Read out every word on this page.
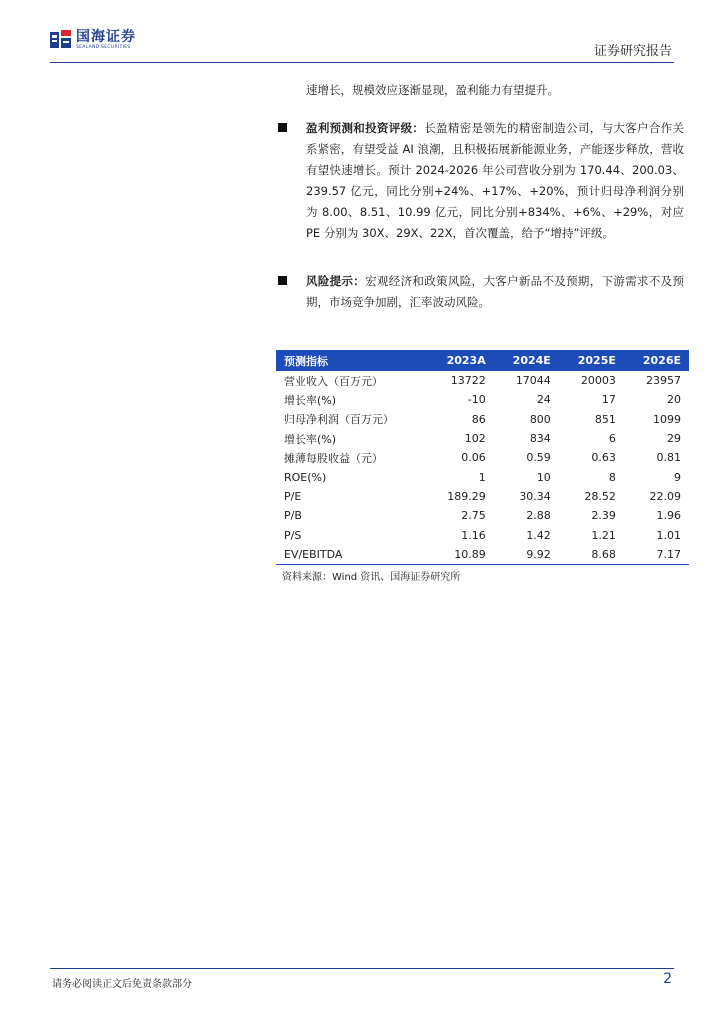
国海证券
SEALAND SECURITIES	证券研究报告
速增长，规模效应逐渐显现，盈利能力有望提升。
盈利预测和投资评级：长盈精密是领先的精密制造公司，与大客户合作关系紧密，有望受益 AI 浪潮，且积极拓展新能源业务，产能逐步释放，营收有望快速增长。预计 2024-2026 年公司营收分别为 170.44、200.03、239.57 亿元，同比分别+24%、+17%、+20%，预计归母净利润分别为 8.00、8.51、10.99 亿元，同比分别+834%、+6%、+29%，对应 PE 分别为 30X、29X、22X，首次覆盖，给予“增持”评级。
风险提示：宏观经济和政策风险，大客户新品不及预期，下游需求不及预期，市场竞争加剧，汇率波动风险。
预测指标	2023A	2024E	2025E	2026E
营业收入（百万元）	13722	17044	20003	23957
增长率(%)	-10	24	17	20
归母净利润（百万元）	86	800	851	1099
增长率(%)	102	834	6	29
摊薄每股收益（元）	0.06	0.59	0.63	0.81
ROE(%)	1	10	8	9
P/E	189.29	30.34	28.52	22.09
P/B	2.75	2.88	2.39	1.96
P/S	1.16	1.42	1.21	1.01
EV/EBITDA	10.89	9.92	8.68	7.17
资料来源：Wind 资讯、国海证券研究所
请务必阅读正文后免责条款部分	2
